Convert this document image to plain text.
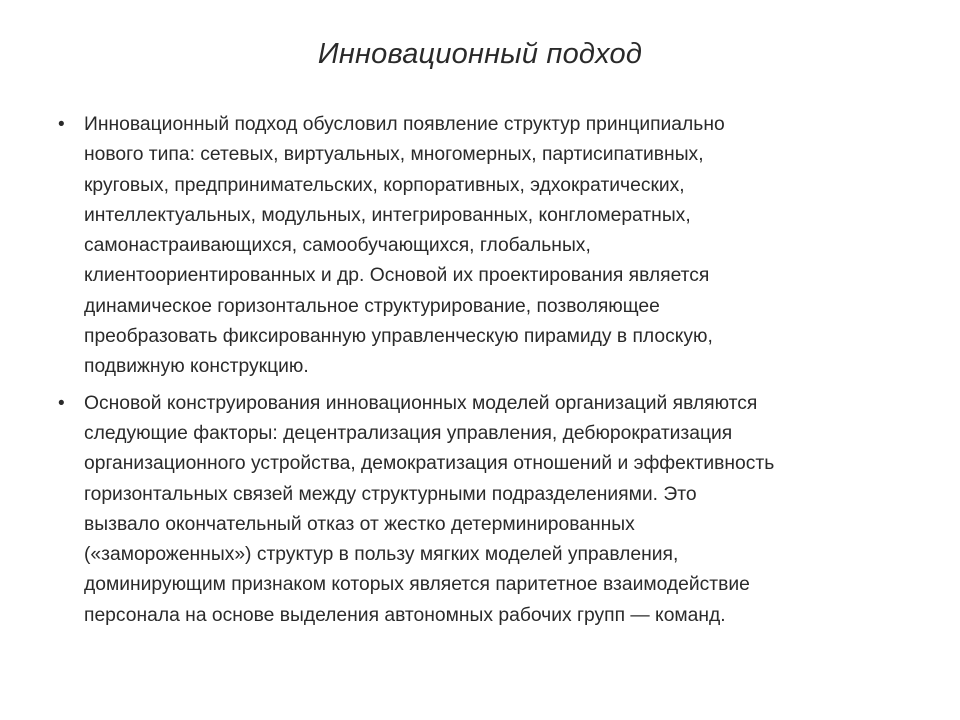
Инновационный подход
• Инновационный подход обусловил появление структур принципиально
нового типа: сетевых, виртуальных, многомерных, партисипативных,
круговых, предпринимательских, корпоративных, эдхократических,
интеллектуальных, модульных, интегрированных, конгломератных,
самонастраивающихся, самообучающихся, глобальных,
клиентоориентированных и др. Основой их проектирования является
динамическое горизонтальное структурирование, позволяющее
преобразовать фиксированную управленческую пирамиду в плоскую,
подвижную конструкцию.
• Основой конструирования инновационных моделей организаций являются
следующие факторы: децентрализация управления, дебюрократизация
организационного устройства, демократизация отношений и эффективность
горизонтальных связей между структурными подразделениями. Это
вызвало окончательный отказ от жестко детерминированных
(«замороженных») структур в пользу мягких моделей управления,
доминирующим признаком которых является паритетное взаимодействие
персонала на основе выделения автономных рабочих групп — команд.
